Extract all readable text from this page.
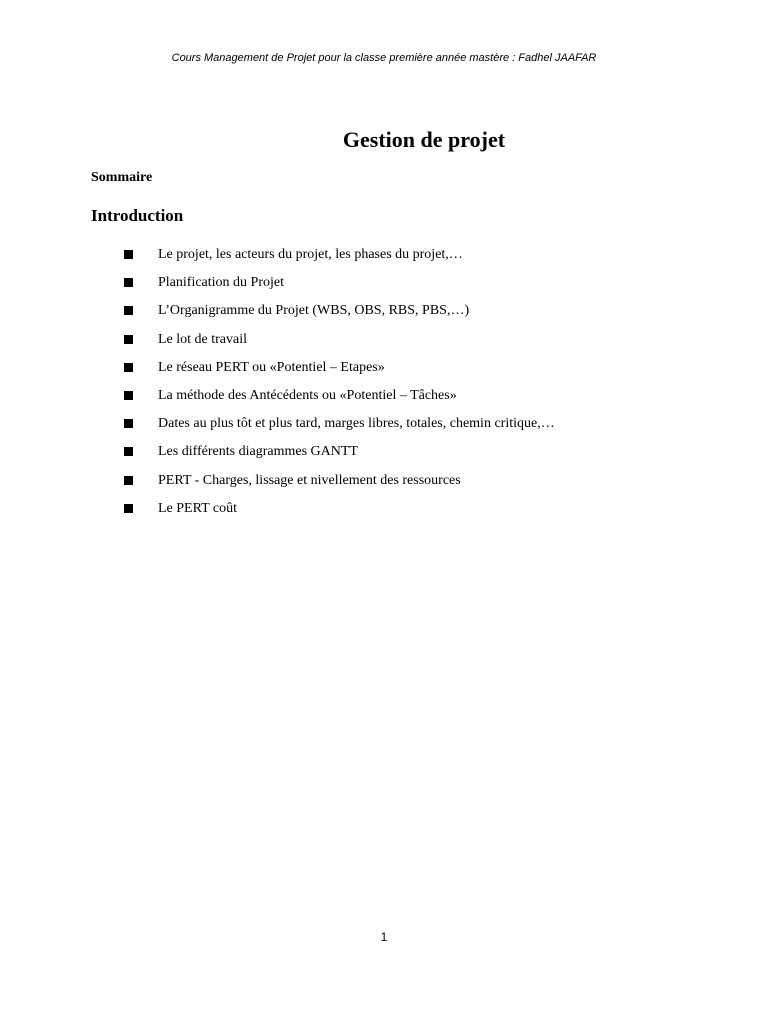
Cours Management de Projet pour la classe première année mastère : Fadhel JAAFAR
Gestion de projet
Sommaire
Introduction
Le projet, les acteurs du projet, les phases du projet,…
Planification du Projet
L’Organigramme du Projet (WBS, OBS, RBS, PBS,…)
Le lot de travail
Le réseau PERT ou «Potentiel – Etapes»
La méthode des Antécédents ou «Potentiel – Tâches»
Dates au plus tôt et plus tard, marges libres, totales, chemin critique,…
Les différents diagrammes GANTT
PERT - Charges, lissage et nivellement des ressources
Le PERT coût
1
